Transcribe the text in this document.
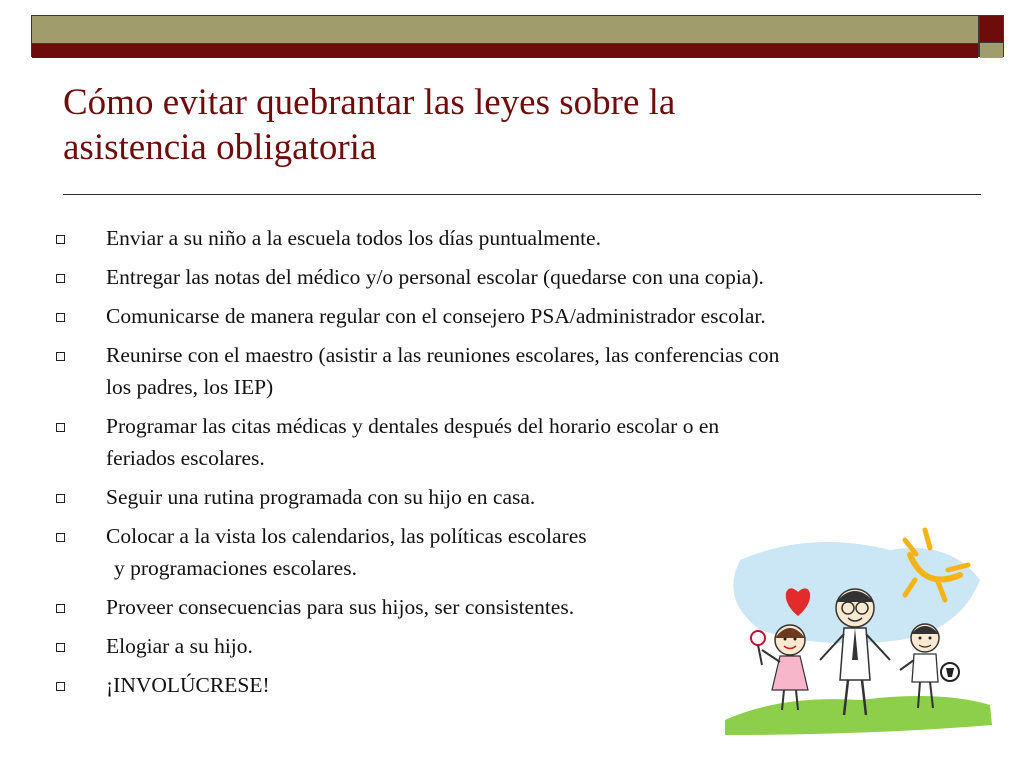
Cómo evitar quebrantar las leyes sobre la
asistencia obligatoria
Enviar a su niño a la escuela todos los días puntualmente.
Entregar las notas del médico y/o personal escolar (quedarse con una copia).
Comunicarse de manera regular con el consejero PSA/administrador escolar.
Reunirse con el maestro (asistir a las reuniones escolares, las conferencias con
los padres, los IEP)
Programar las citas médicas y dentales después del horario escolar o en
feriados escolares.
Seguir una rutina programada con su hijo en casa.
Colocar a la vista los calendarios, las políticas escolares
y programaciones escolares.
Proveer consecuencias para sus hijos, ser consistentes.
Elogiar a su hijo.
¡INVOLÚCRESE!
